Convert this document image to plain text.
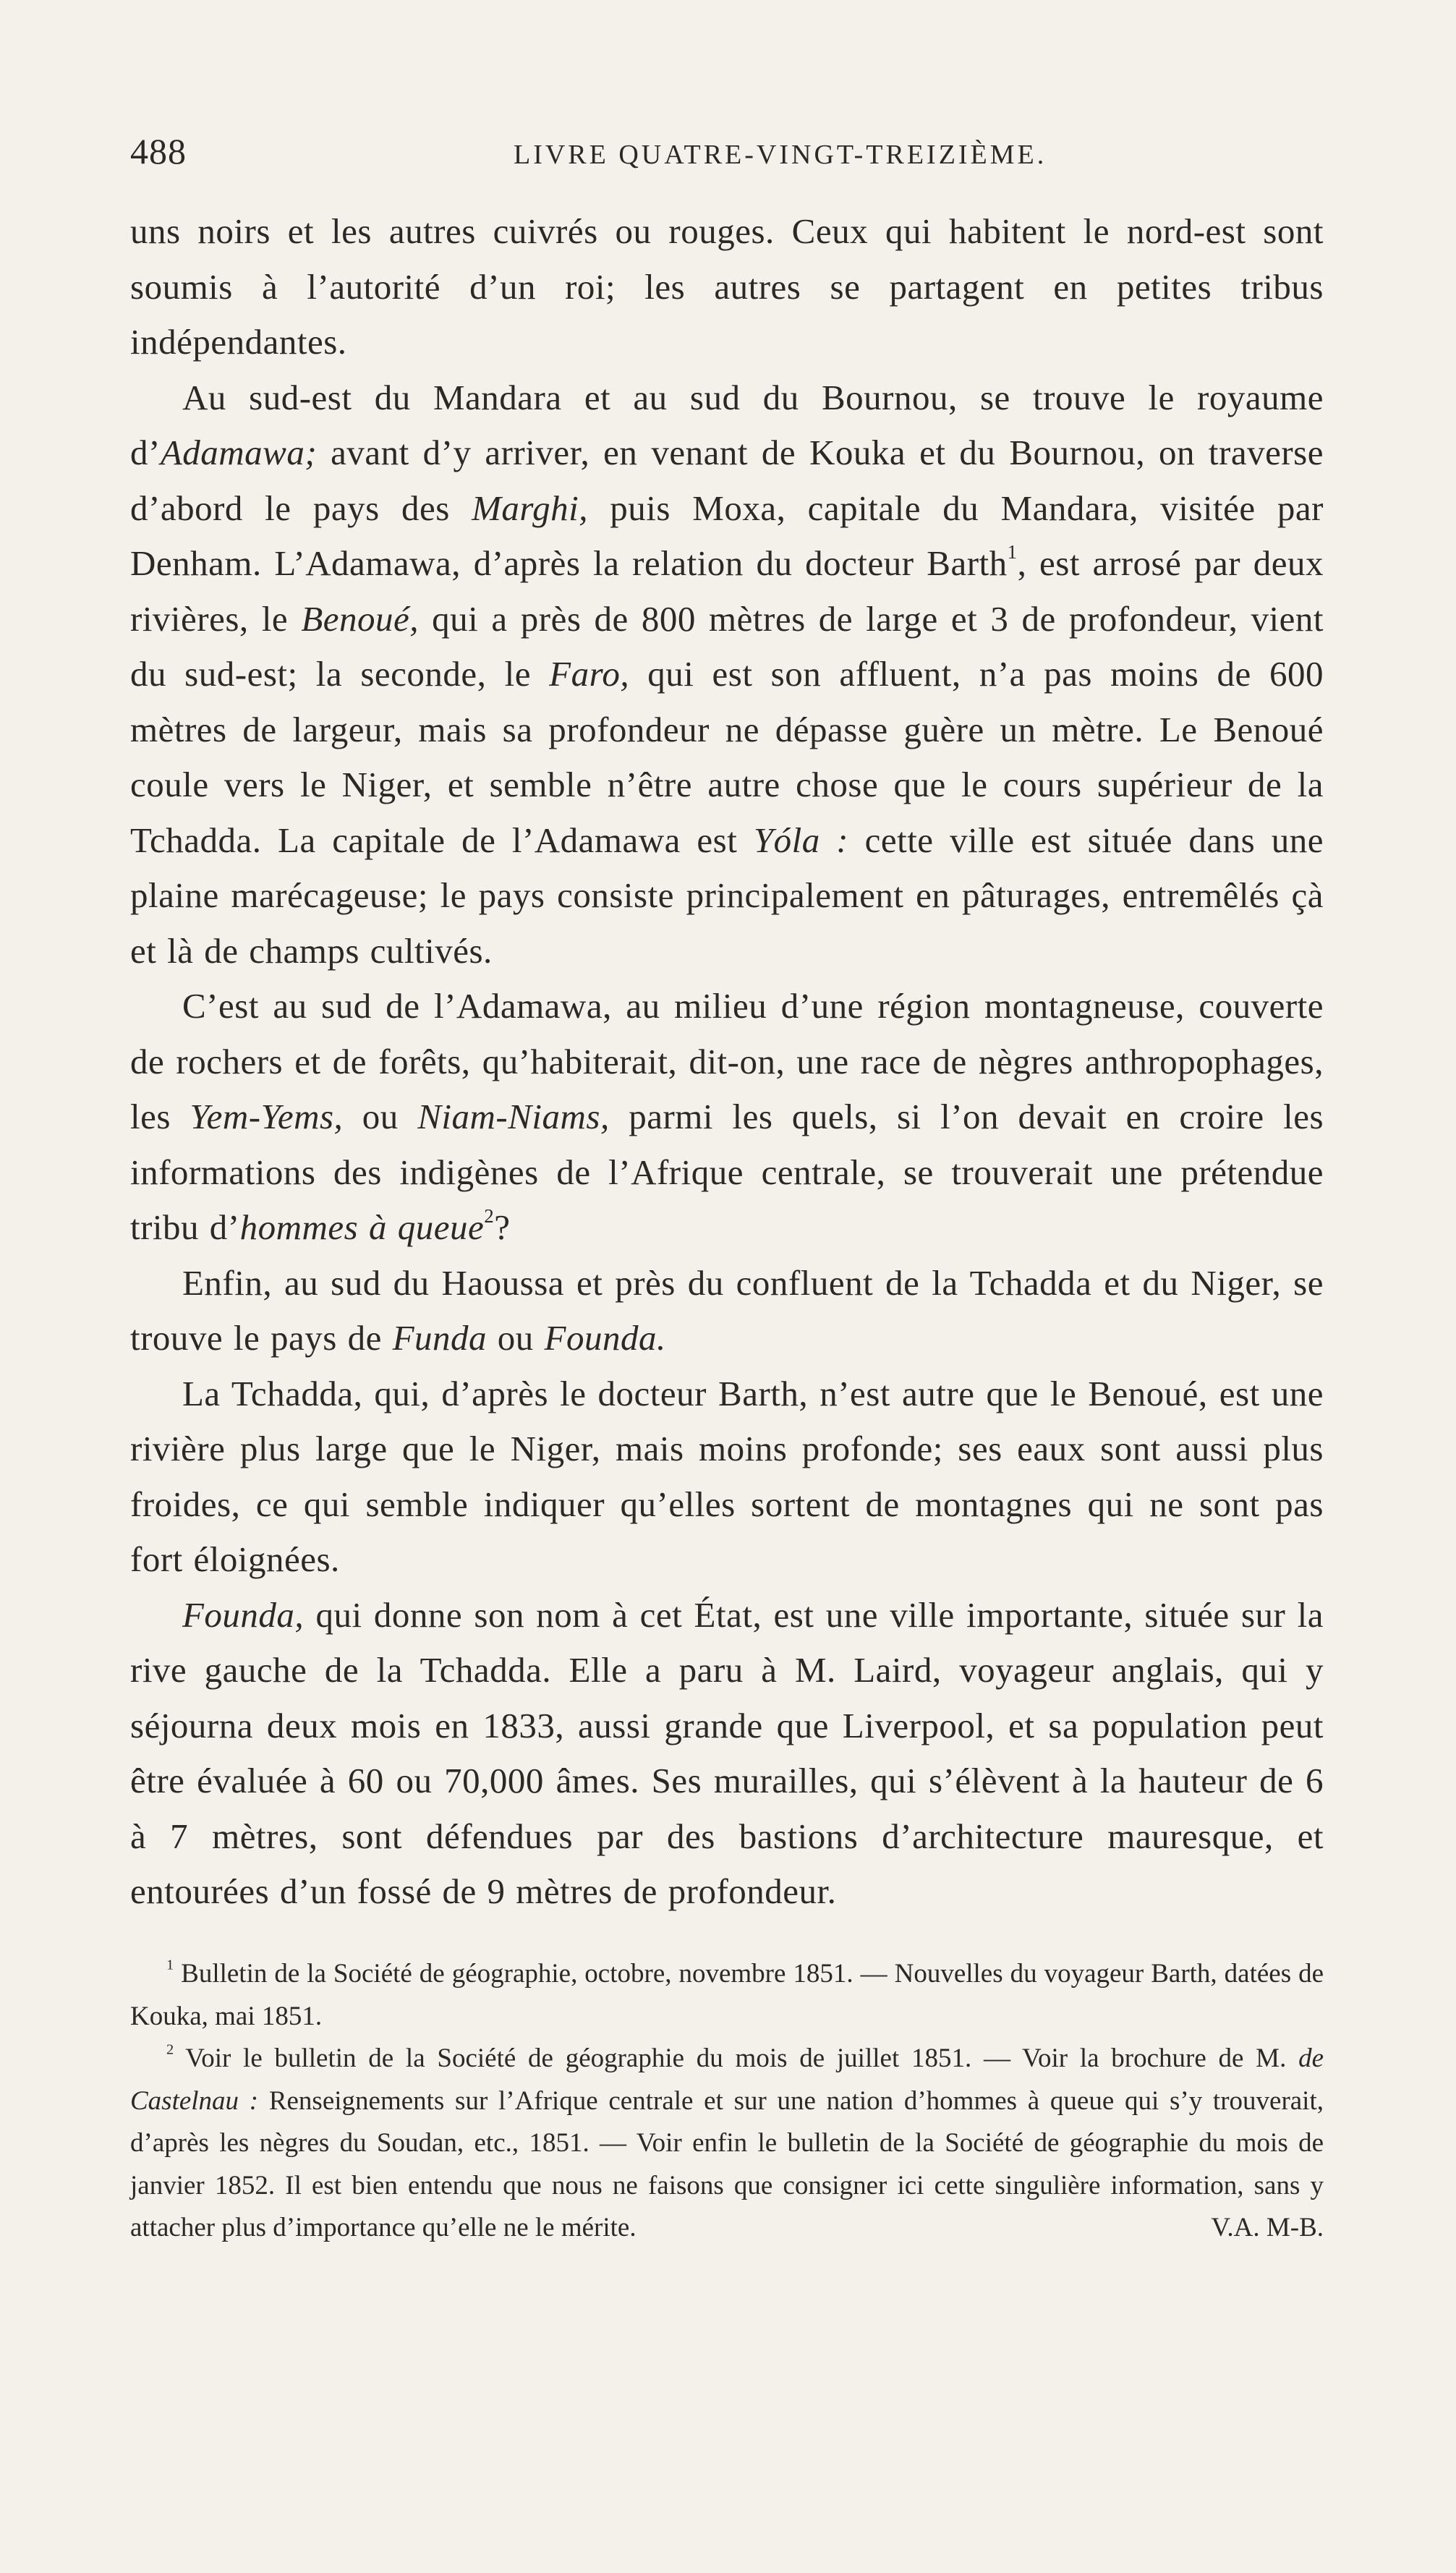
488	LIVRE QUATRE-VINGT-TREIZIÈME.

uns noirs et les autres cuivrés ou rouges. Ceux qui habitent le nord-est sont soumis à l’autorité d’un roi; les autres se partagent en petites tribus indépendantes.

Au sud-est du Mandara et au sud du Bournou, se trouve le royaume d’Adamawa; avant d’y arriver, en venant de Kouka et du Bournou, on traverse d’abord le pays des Marghi, puis Moxa, capitale du Mandara, visitée par Denham. L’Adamawa, d’après la relation du docteur Barth$^1$, est arrosé par deux rivières, le Benoué, qui a près de 800 mètres de large et 3 de profondeur, vient du sud-est; la seconde, le Faro, qui est son affluent, n’a pas moins de 600 mètres de largeur, mais sa profondeur ne dépasse guère un mètre. Le Benoué coule vers le Niger, et semble n’être autre chose que le cours supérieur de la Tchadda. La capitale de l’Adamawa est Yóla : cette ville est située dans une plaine marécageuse; le pays consiste principalement en pâturages, entremêlés çà et là de champs cultivés.

C’est au sud de l’Adamawa, au milieu d’une région montagneuse, couverte de rochers et de forêts, qu’habiterait, dit-on, une race de nègres anthropophages, les Yem-Yems, ou Niam-Niams, parmi les quels, si l’on devait en croire les informations des indigènes de l’Afrique centrale, se trouverait une prétendue tribu d’hommes à queue$^2$?

Enfin, au sud du Haoussa et près du confluent de la Tchadda et du Niger, se trouve le pays de Funda ou Founda.

La Tchadda, qui, d’après le docteur Barth, n’est autre que le Benoué, est une rivière plus large que le Niger, mais moins profonde; ses eaux sont aussi plus froides, ce qui semble indiquer qu’elles sortent de montagnes qui ne sont pas fort éloignées.

Founda, qui donne son nom à cet État, est une ville importante, située sur la rive gauche de la Tchadda. Elle a paru à M. Laird, voyageur anglais, qui y séjourna deux mois en 1833, aussi grande que Liverpool, et sa population peut être évaluée à 60 ou 70,000 âmes. Ses murailles, qui s’élèvent à la hauteur de 6 à 7 mètres, sont défendues par des bastions d’architecture mauresque, et entourées d’un fossé de 9 mètres de profondeur.

$^1$ Bulletin de la Société de géographie, octobre, novembre 1851. — Nouvelles du voyageur Barth, datées de Kouka, mai 1851.

$^2$ Voir le bulletin de la Société de géographie du mois de juillet 1851. — Voir la brochure de M. de Castelnau : Renseignements sur l’Afrique centrale et sur une nation d’hommes à queue qui s’y trouverait, d’après les nègres du Soudan, etc., 1851. — Voir enfin le bulletin de la Société de géographie du mois de janvier 1852. Il est bien entendu que nous ne faisons que consigner ici cette singulière information, sans y attacher plus d’importance qu’elle ne le mérite.	V.A. M-B.
